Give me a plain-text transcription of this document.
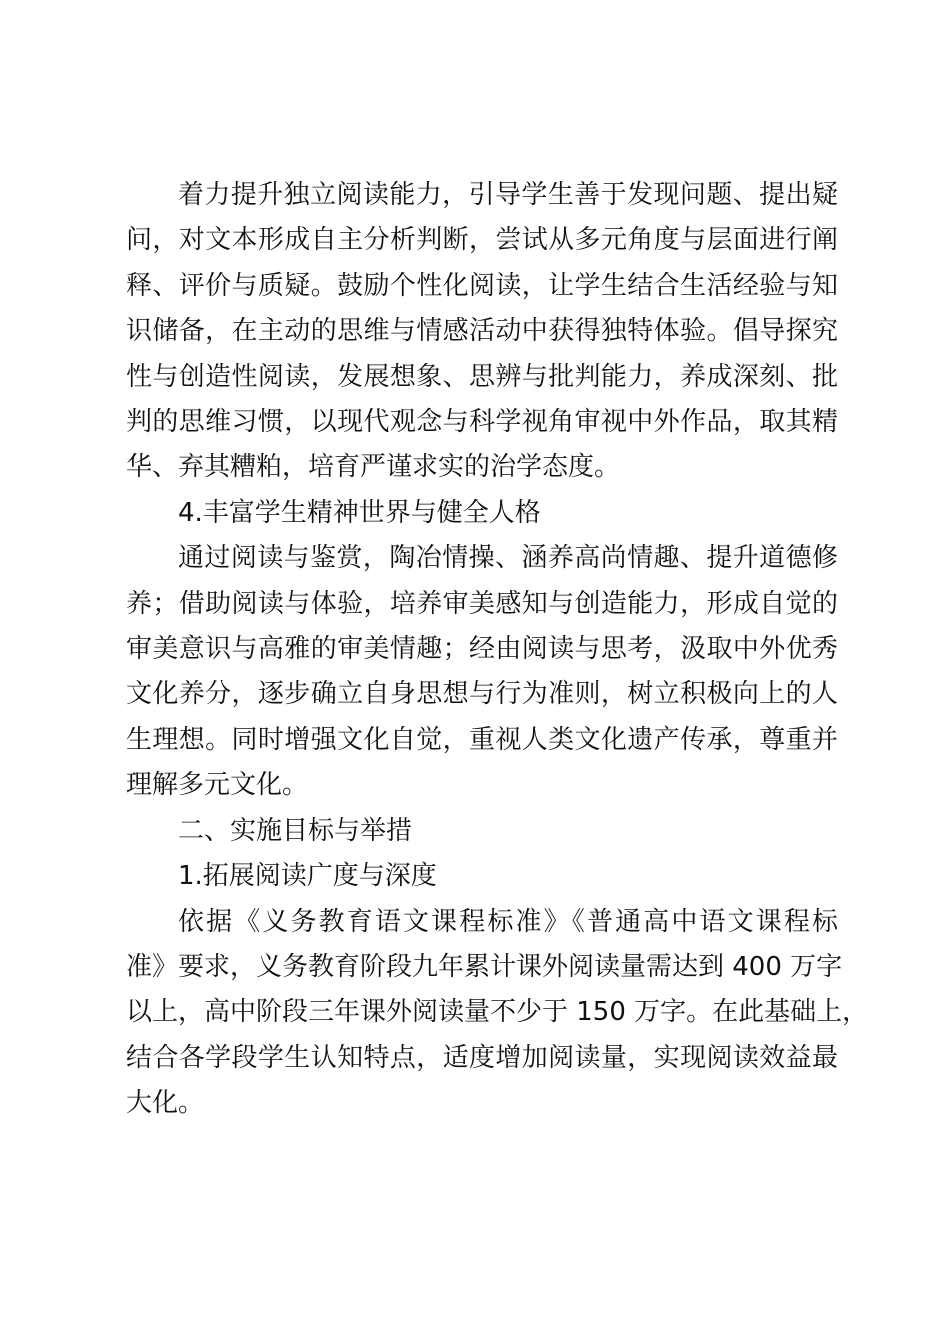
着力提升独立阅读能力，引导学生善于发现问题、提出疑
问，对文本形成自主分析判断，尝试从多元角度与层面进行阐
释、评价与质疑。鼓励个性化阅读，让学生结合生活经验与知
识储备，在主动的思维与情感活动中获得独特体验。倡导探究
性与创造性阅读，发展想象、思辨与批判能力，养成深刻、批
判的思维习惯，以现代观念与科学视角审视中外作品，取其精
华、弃其糟粕，培育严谨求实的治学态度。
4.丰富学生精神世界与健全人格
通过阅读与鉴赏，陶冶情操、涵养高尚情趣、提升道德修
养；借助阅读与体验，培养审美感知与创造能力，形成自觉的
审美意识与高雅的审美情趣；经由阅读与思考，汲取中外优秀
文化养分，逐步确立自身思想与行为准则，树立积极向上的人
生理想。同时增强文化自觉，重视人类文化遗产传承，尊重并
理解多元文化。
二、实施目标与举措
1.拓展阅读广度与深度
依据《义务教育语文课程标准》《普通高中语文课程标
准》要求，义务教育阶段九年累计课外阅读量需达到 400 万字
以上，高中阶段三年课外阅读量不少于 150 万字。在此基础上，
结合各学段学生认知特点，适度增加阅读量，实现阅读效益最
大化。
